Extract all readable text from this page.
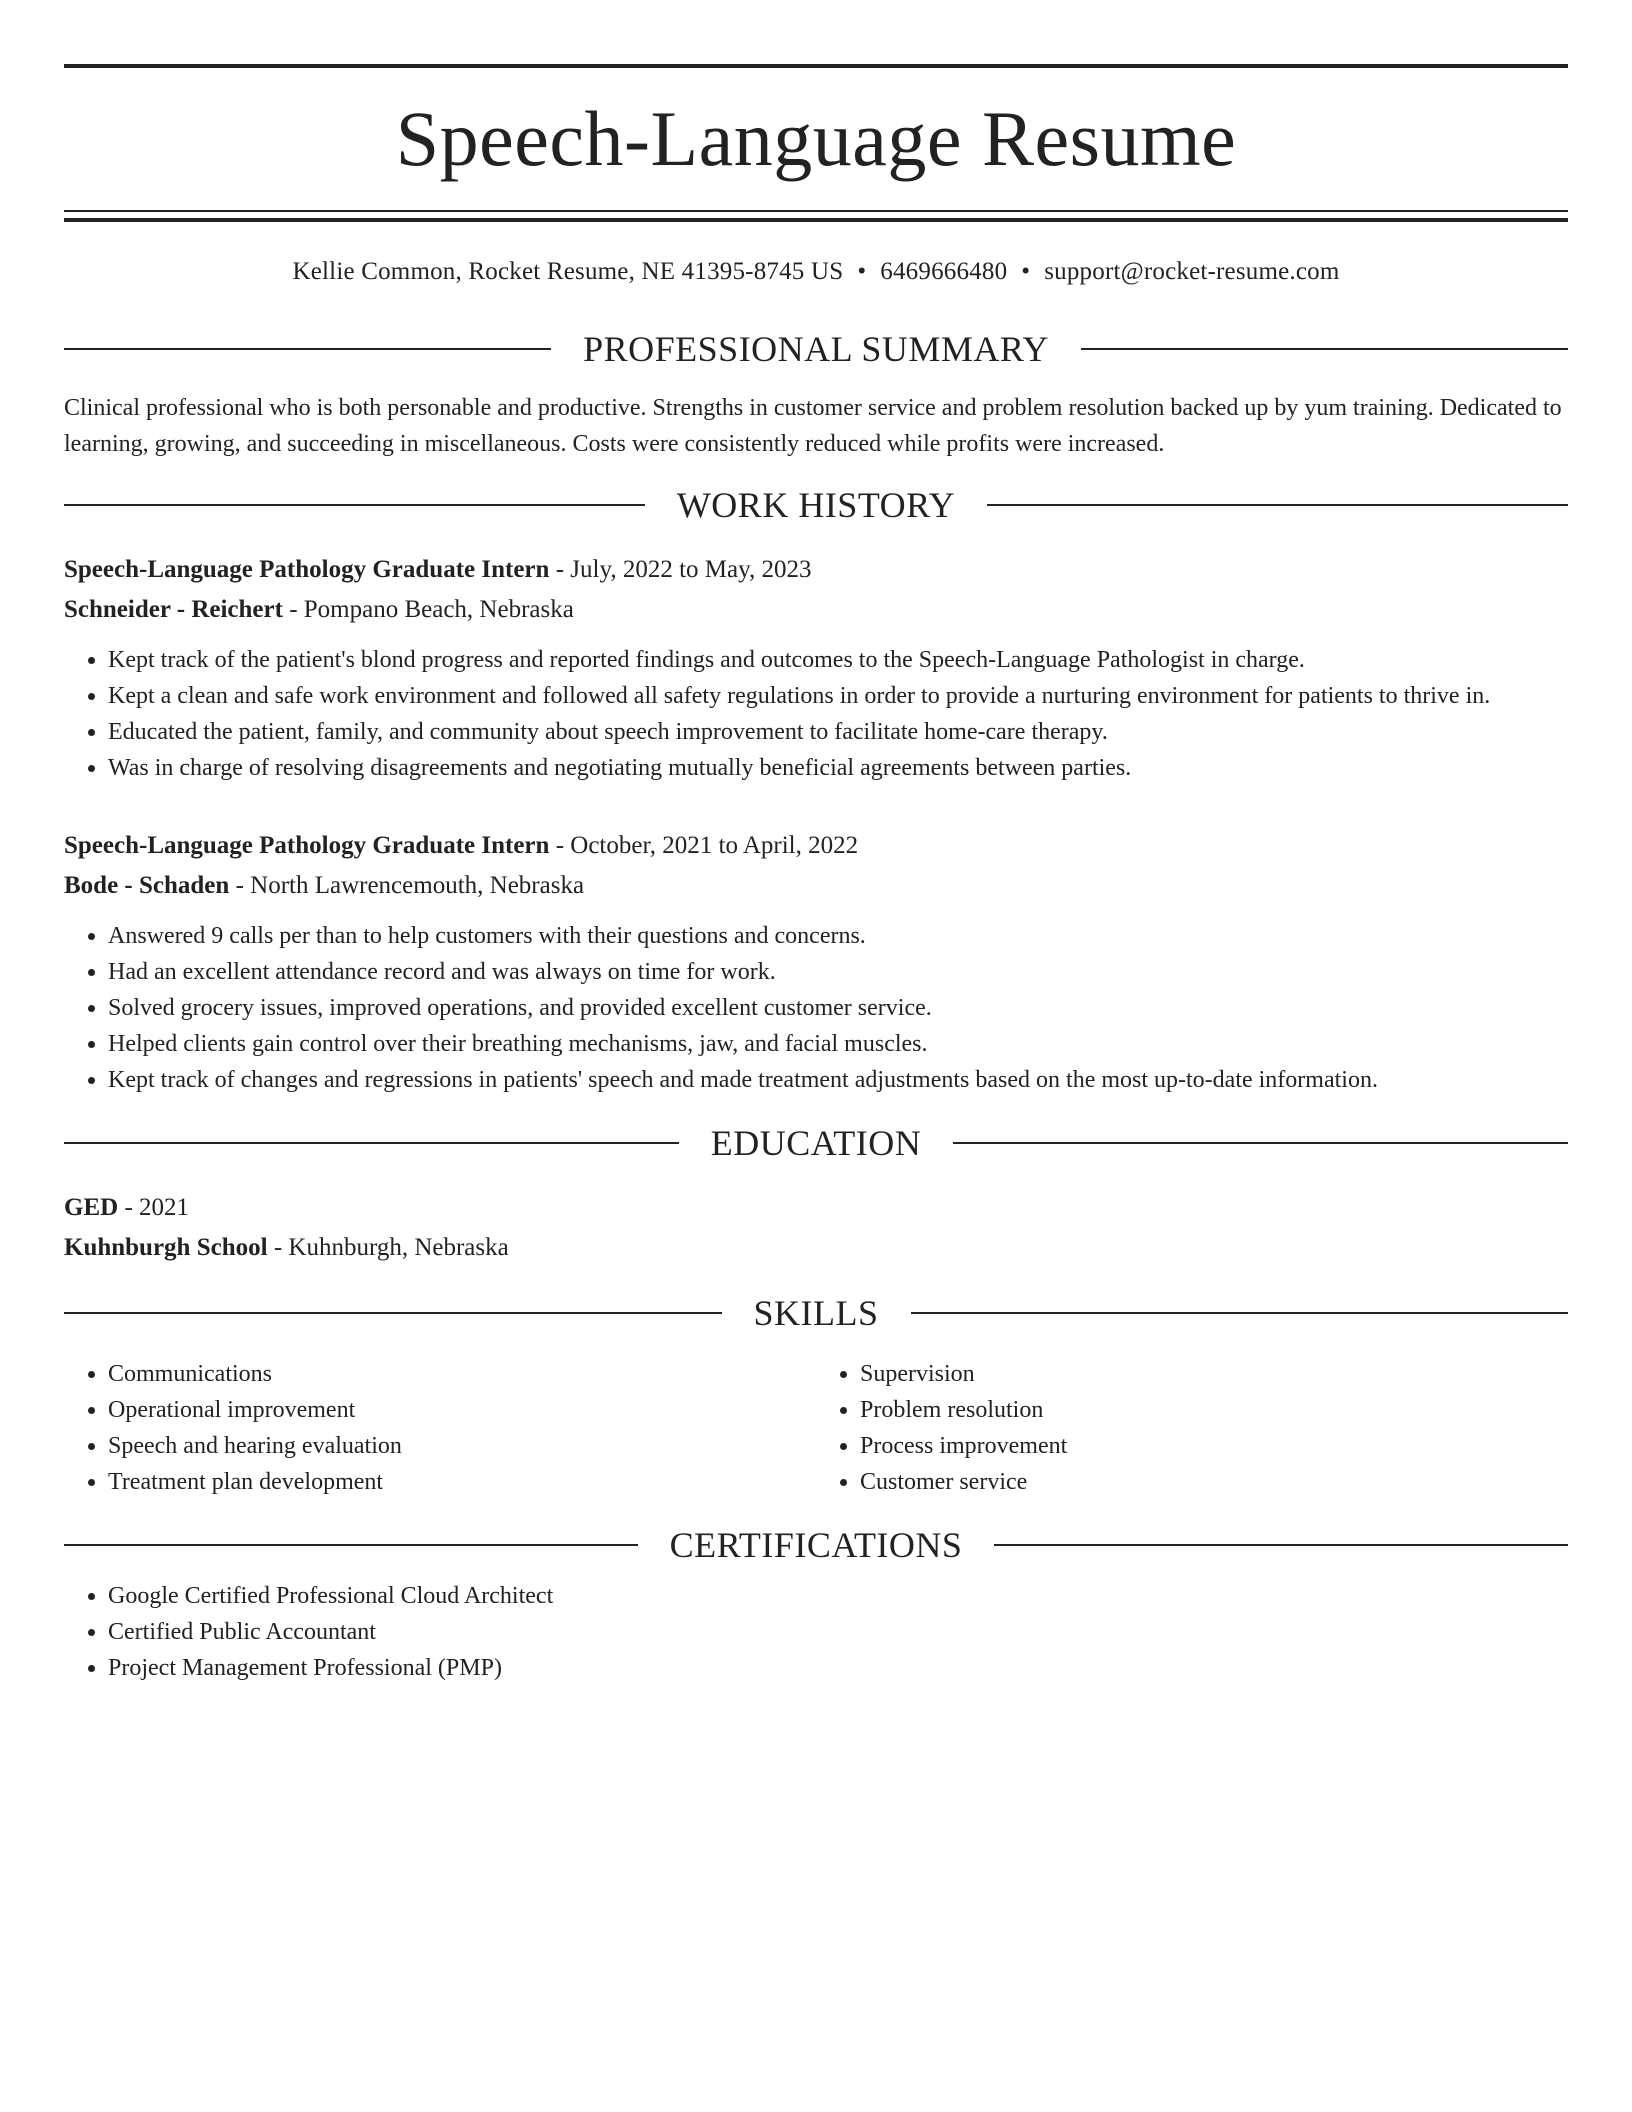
Speech-Language Resume
Kellie Common, Rocket Resume, NE 41395-8745 US • 6469666480 • support@rocket-resume.com
PROFESSIONAL SUMMARY

Clinical professional who is both personable and productive. Strengths in customer service and problem resolution backed up by yum training. Dedicated to learning, growing, and succeeding in miscellaneous. Costs were consistently reduced while profits were increased.

WORK HISTORY
Speech-Language Pathology Graduate Intern - July, 2022 to May, 2023
Schneider - Reichert - Pompano Beach, Nebraska
• Kept track of the patient's blond progress and reported findings and outcomes to the Speech-Language Pathologist in charge.
• Kept a clean and safe work environment and followed all safety regulations in order to provide a nurturing environment for patients to thrive in.
• Educated the patient, family, and community about speech improvement to facilitate home-care therapy.
• Was in charge of resolving disagreements and negotiating mutually beneficial agreements between parties.
Speech-Language Pathology Graduate Intern - October, 2021 to April, 2022
Bode - Schaden - North Lawrencemouth, Nebraska
• Answered 9 calls per than to help customers with their questions and concerns.
• Had an excellent attendance record and was always on time for work.
• Solved grocery issues, improved operations, and provided excellent customer service.
• Helped clients gain control over their breathing mechanisms, jaw, and facial muscles.
• Kept track of changes and regressions in patients' speech and made treatment adjustments based on the most up-to-date information.
EDUCATION
GED - 2021
Kuhnburgh School - Kuhnburgh, Nebraska
SKILLS
• Communications
• Operational improvement
• Speech and hearing evaluation
• Treatment plan development
• Supervision
• Problem resolution
• Process improvement
• Customer service
CERTIFICATIONS
• Google Certified Professional Cloud Architect
• Certified Public Accountant
• Project Management Professional (PMP)
